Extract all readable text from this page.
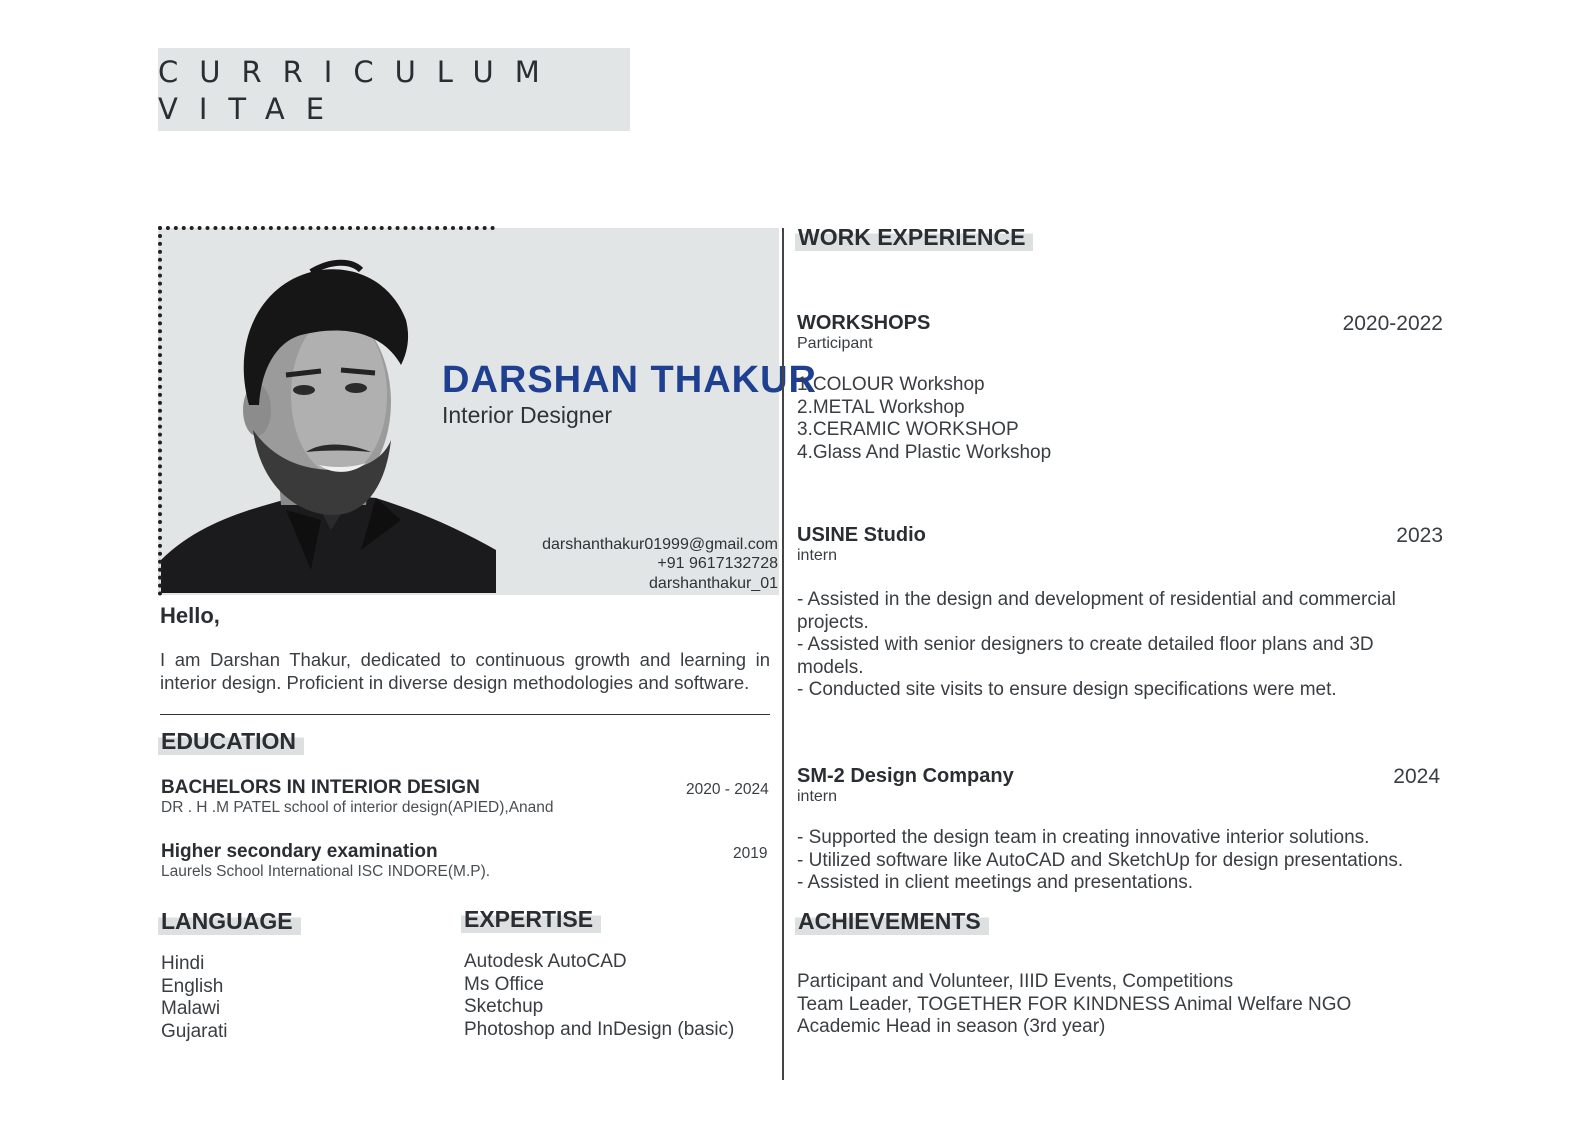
CURRICULUM
VITAE
DARSHAN THAKUR
Interior Designer
darshanthakur01999@gmail.com
+91 9617132728
darshanthakur_01
Hello,
I am Darshan Thakur, dedicated to continuous growth and learning in interior design. Proficient in diverse design methodologies and software.
EDUCATION
BACHELORS IN INTERIOR DESIGN
DR . H .M PATEL school of interior design(APIED),Anand
2020 - 2024
Higher secondary examination
Laurels School International ISC INDORE(M.P).
2019
LANGUAGE
Hindi
English
Malawi
Gujarati
EXPERTISE
Autodesk AutoCAD
Ms Office
Sketchup
Photoshop and InDesign (basic)
WORK EXPERIENCE
WORKSHOPS
Participant
2020-2022
1.COLOUR Workshop
2.METAL Workshop
3.CERAMIC WORKSHOP
4.Glass And Plastic Workshop
USINE Studio
intern
2023
- Assisted in the design and development of residential and commercial projects.
- Assisted with senior designers to create detailed floor plans and 3D models.
- Conducted site visits to ensure design specifications were met.
SM-2 Design Company
intern
2024
- Supported the design team in creating innovative interior solutions.
- Utilized software like AutoCAD and SketchUp for design presentations.
- Assisted in client meetings and presentations.
ACHIEVEMENTS
Participant and Volunteer, IIID Events, Competitions
Team Leader, TOGETHER FOR KINDNESS Animal Welfare NGO
Academic Head in season (3rd year)
